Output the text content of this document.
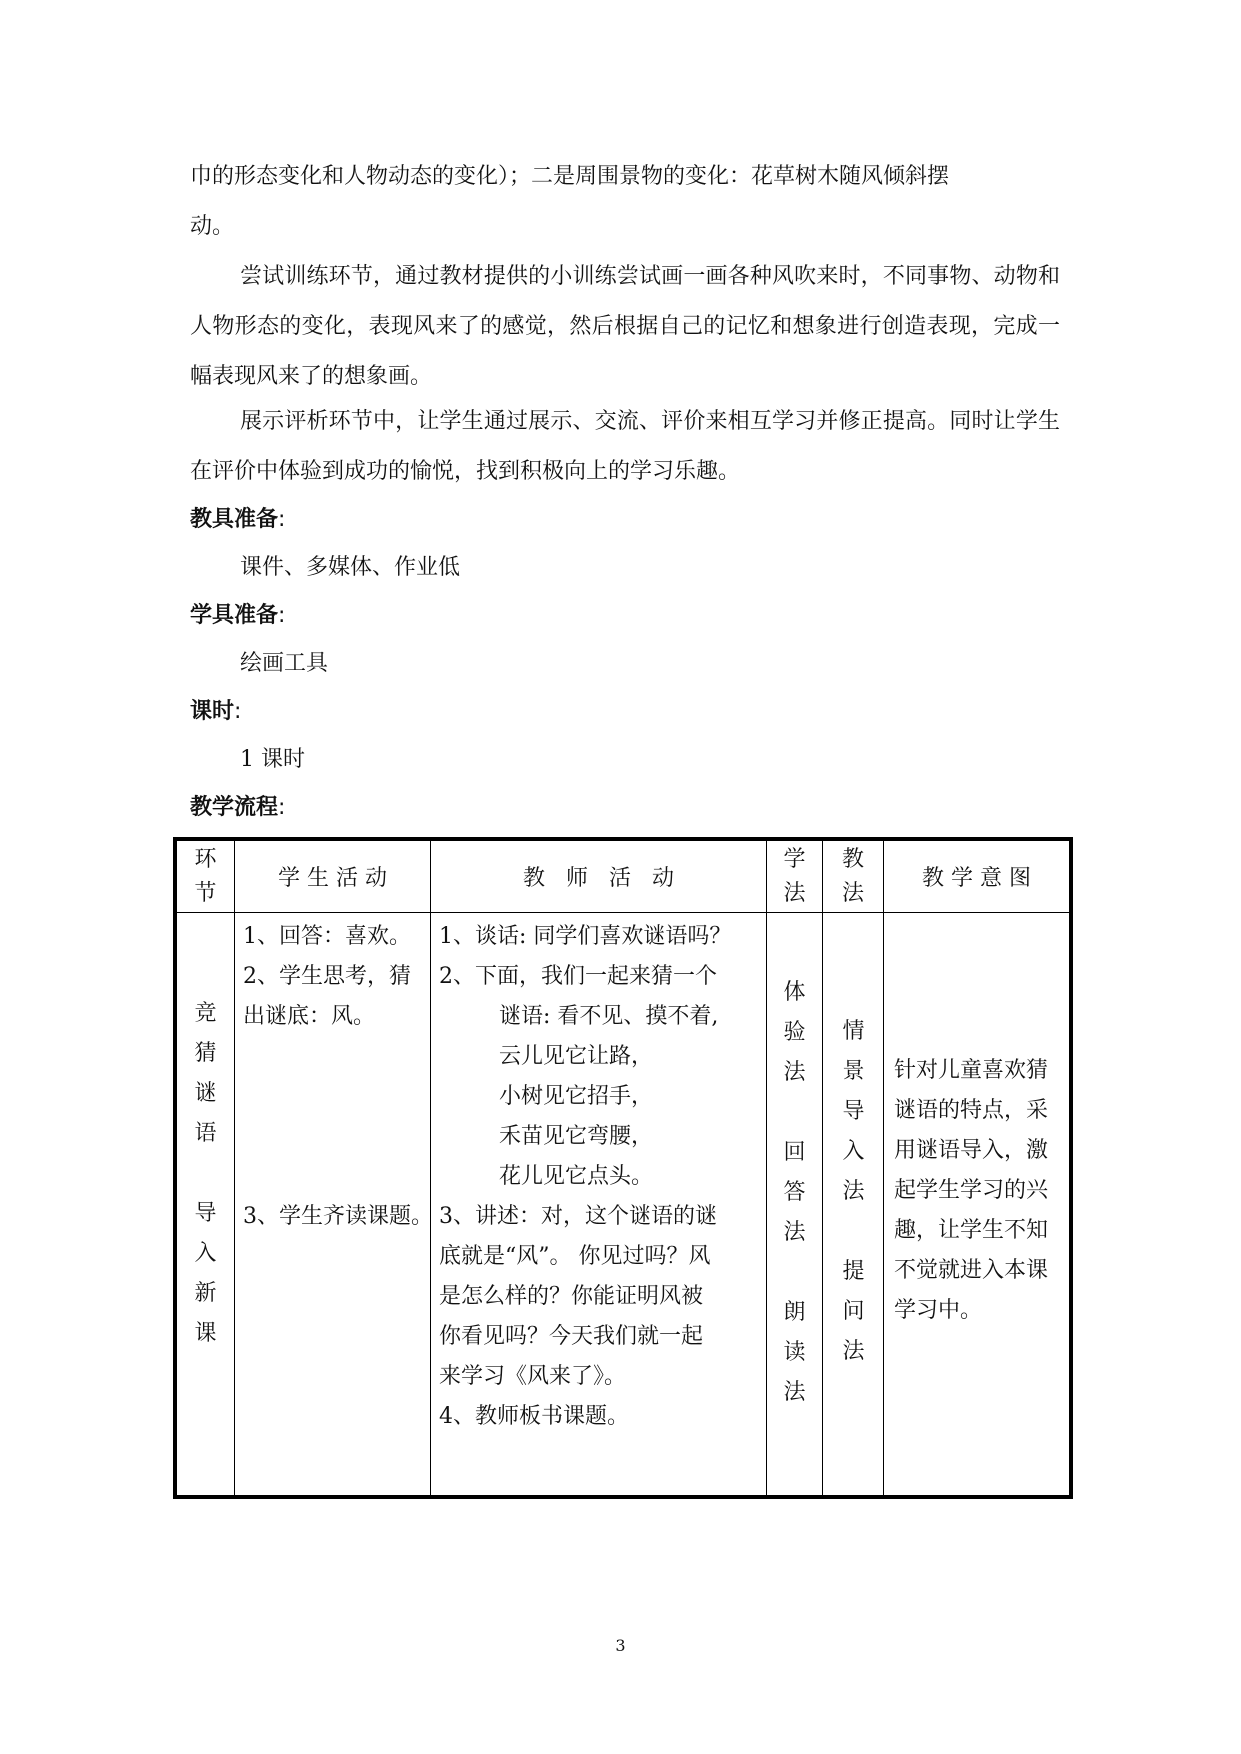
巾的形态变化和人物动态的变化）；二是周围景物的变化：花草树木随风倾斜摆
动。

尝试训练环节，通过教材提供的小训练尝试画一画各种风吹来时，不同事物、动物和人物形态的变化，表现风来了的感觉，然后根据自己的记忆和想象进行创造表现，完成一幅表现风来了的想象画。

展示评析环节中，让学生通过展示、交流、评价来相互学习并修正提高。同时让学生在评价中体验到成功的愉悦，找到积极向上的学习乐趣。

教具准备:

课件、多媒体、作业低

学具准备:

绘画工具

课时:

1 课时

教学流程:

环节
学 生 活 动	教   师   活   动
学法
教法
教 学 意 图
竞猜谜语
导入新课
1、回答：喜欢。
2、学生思考，猜
出谜底：风。
3、学生齐读课题。
1、谈话: 同学们喜欢谜语吗？
2、下面，我们一起来猜一个
谜语: 看不见、摸不着,
云儿见它让路，
小树见它招手，
禾苗见它弯腰，
花儿见它点头。
3、讲述：对，这个谜语的谜
底就是“风”。 你见过吗？风
是怎么样的？你能证明风被
你看见吗？今天我们就一起
来学习《风来了》。
4、教师板书课题。
体验法
回答法
朗读法
情景导入法
提问法
针对儿童喜欢猜谜语的特点，采用谜语导入，激起学生学习的兴趣，让学生不知不觉就进入本课学习中。
3
